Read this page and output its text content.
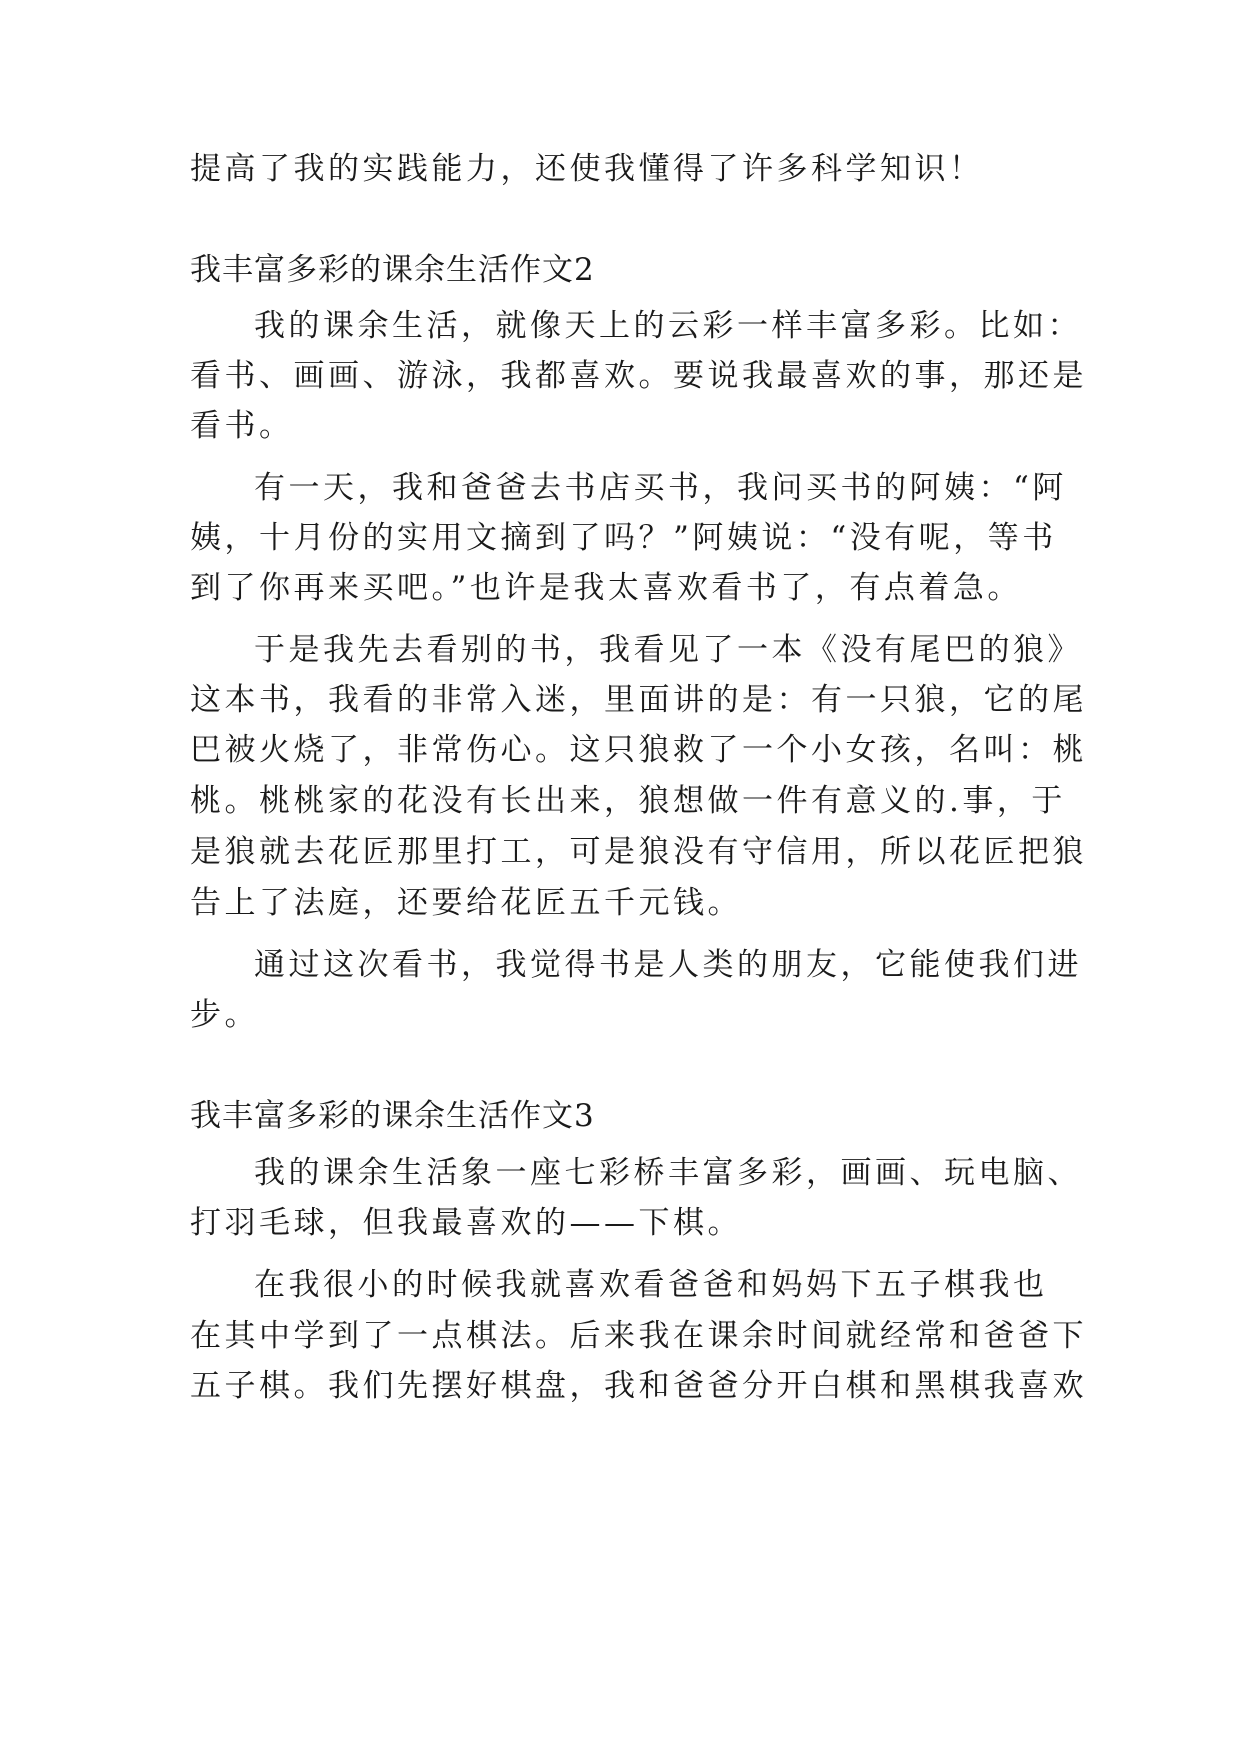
提高了我的实践能力，还使我懂得了许多科学知识！
我丰富多彩的课余生活作文2
我的课余生活，就像天上的云彩一样丰富多彩。比如：
看书、画画、游泳，我都喜欢。要说我最喜欢的事，那还是
看书。
有一天，我和爸爸去书店买书，我问买书的阿姨：“阿
姨，十月份的实用文摘到了吗？”阿姨说：“没有呢，等书
到了你再来买吧。”也许是我太喜欢看书了，有点着急。
于是我先去看别的书，我看见了一本《没有尾巴的狼》
这本书，我看的非常入迷，里面讲的是：有一只狼，它的尾
巴被火烧了，非常伤心。这只狼救了一个小女孩，名叫：桃
桃。桃桃家的花没有长出来，狼想做一件有意义的.事，于
是狼就去花匠那里打工，可是狼没有守信用，所以花匠把狼
告上了法庭，还要给花匠五千元钱。
通过这次看书，我觉得书是人类的朋友，它能使我们进
步。
我丰富多彩的课余生活作文3
我的课余生活象一座七彩桥丰富多彩，画画、玩电脑、
打羽毛球，但我最喜欢的——下棋。
在我很小的时候我就喜欢看爸爸和妈妈下五子棋我也
在其中学到了一点棋法。后来我在课余时间就经常和爸爸下
五子棋。我们先摆好棋盘，我和爸爸分开白棋和黑棋我喜欢
